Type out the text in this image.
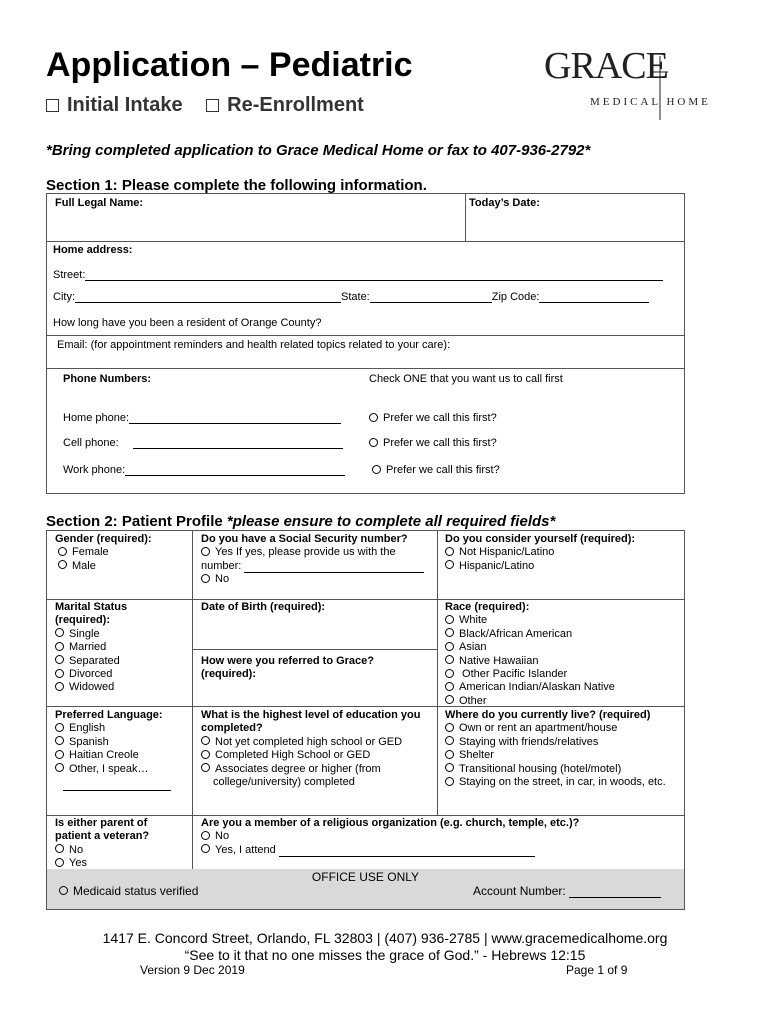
Application – Pediatric
Initial Intake Re-Enrollment
GRACE
MEDICAL HOME
*Bring completed application to Grace Medical Home or fax to 407-936-2792*
Section 1: Please complete the following information.
Full Legal Name:	Today’s Date:
Home address:
Street:
City:	State:	Zip Code:
How long have you been a resident of Orange County?
Email: (for appointment reminders and health related topics related to your care):
Phone Numbers:	Check ONE that you want us to call first
Home phone:	Prefer we call this first?
Cell phone:	Prefer we call this first?
Work phone:	Prefer we call this first?
Section 2: Patient Profile *please ensure to complete all required fields*
Gender (required):
Female
Male
Do you have a Social Security number?
Yes If yes, please provide us with the
number:
No
Do you consider yourself (required):
Not Hispanic/Latino
Hispanic/Latino
Marital Status
(required):
Single
Married
Separated
Divorced
Widowed
Date of Birth (required):
How were you referred to Grace?
(required):
Race (required):
White
Black/African American
Asian
Native Hawaiian
Other Pacific Islander
American Indian/Alaskan Native
Other
Preferred Language:
English
Spanish
Haitian Creole
Other, I speak…
What is the highest level of education you
completed?
Not yet completed high school or GED
Completed High School or GED
Associates degree or higher (from
college/university) completed
Where do you currently live? (required)
Own or rent an apartment/house
Staying with friends/relatives
Shelter
Transitional housing (hotel/motel)
Staying on the street, in car, in woods, etc.
Is either parent of
patient a veteran?
No
Yes
Are you a member of a religious organization (e.g. church, temple, etc.)?
No
Yes, I attend
OFFICE USE ONLY
Medicaid status verified	Account Number:
1417 E. Concord Street, Orlando, FL 32803 | (407) 936-2785 | www.gracemedicalhome.org
“See to it that no one misses the grace of God.” - Hebrews 12:15
Version 9 Dec 2019	Page 1 of 9
